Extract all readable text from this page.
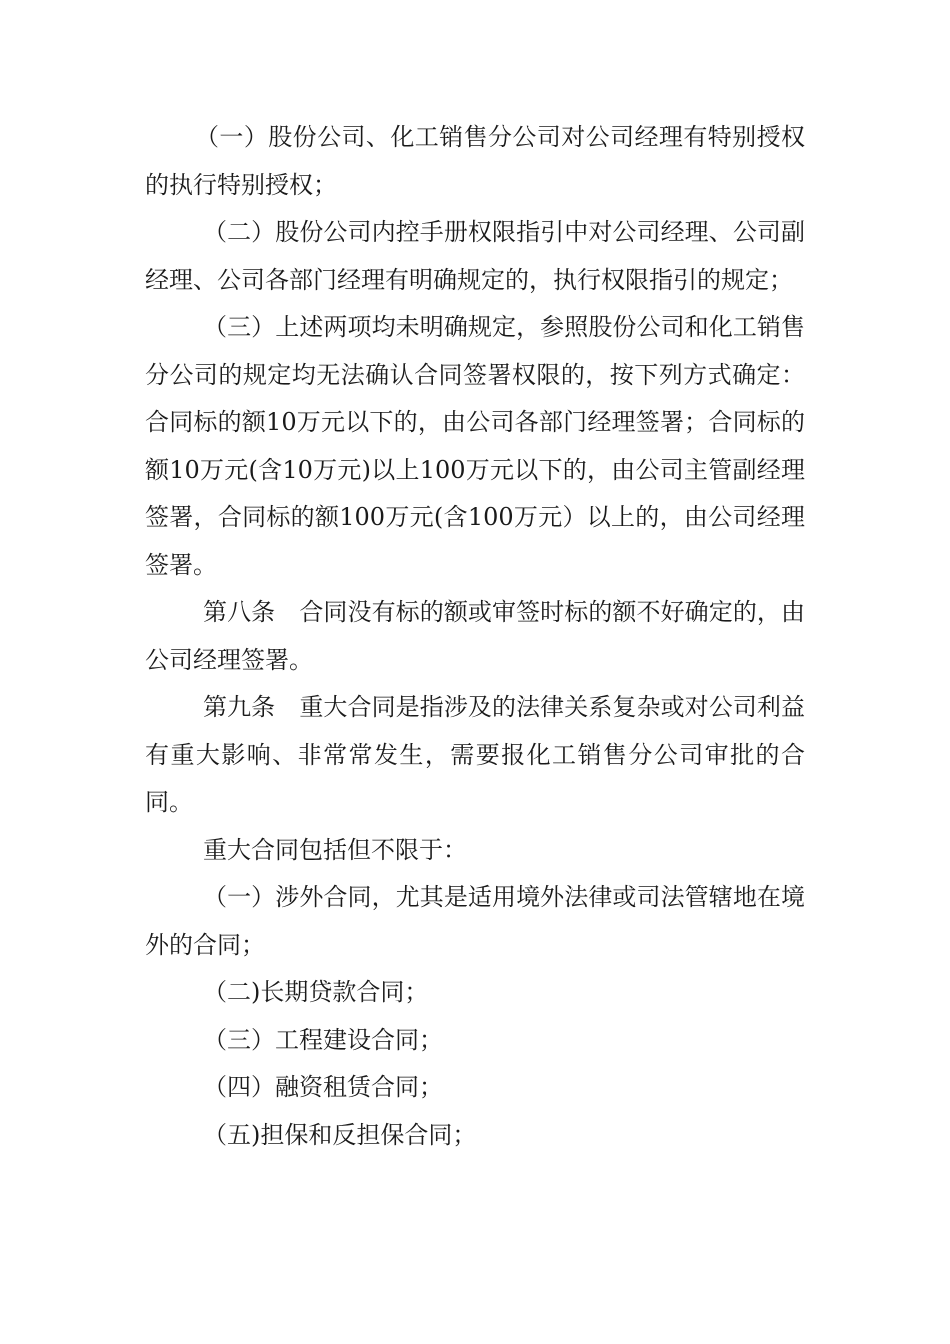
（一）股份公司、化工销售分公司对公司经理有特别授权的执行特别授权；

（二）股份公司内控手册权限指引中对公司经理、公司副经理、公司各部门经理有明确规定的，执行权限指引的规定；

（三）上述两项均未明确规定，参照股份公司和化工销售分公司的规定均无法确认合同签署权限的，按下列方式确定：合同标的额10万元以下的，由公司各部门经理签署；合同标的额10万元(含10万元)以上100万元以下的，由公司主管副经理签署，合同标的额100万元(含100万元）以上的，由公司经理签署。

第八条 合同没有标的额或审签时标的额不好确定的，由公司经理签署。

第九条 重大合同是指涉及的法律关系复杂或对公司利益有重大影响、非常常发生，需要报化工销售分公司审批的合同。

重大合同包括但不限于：

（一）涉外合同，尤其是适用境外法律或司法管辖地在境外的合同；

（二)长期贷款合同；

（三）工程建设合同；

（四）融资租赁合同；

（五)担保和反担保合同；
